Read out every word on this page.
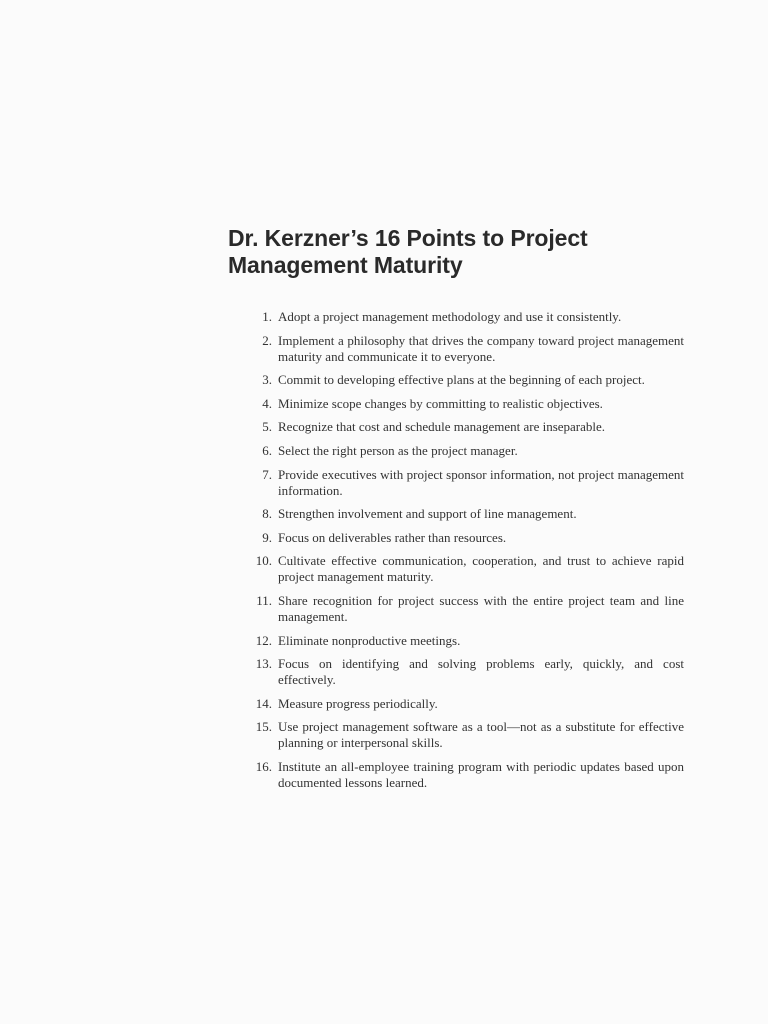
Dr. Kerzner’s 16 Points to Project
Management Maturity
1. Adopt a project management methodology and use it consistently.
2. Implement a philosophy that drives the company toward project management maturity and communicate it to everyone.
3. Commit to developing effective plans at the beginning of each project.
4. Minimize scope changes by committing to realistic objectives.
5. Recognize that cost and schedule management are inseparable.
6. Select the right person as the project manager.
7. Provide executives with project sponsor information, not project management information.
8. Strengthen involvement and support of line management.
9. Focus on deliverables rather than resources.
10. Cultivate effective communication, cooperation, and trust to achieve rapid project management maturity.
11. Share recognition for project success with the entire project team and line management.
12. Eliminate nonproductive meetings.
13. Focus on identifying and solving problems early, quickly, and cost effectively.
14. Measure progress periodically.
15. Use project management software as a tool—not as a substitute for effective planning or interpersonal skills.
16. Institute an all-employee training program with periodic updates based upon documented lessons learned.
